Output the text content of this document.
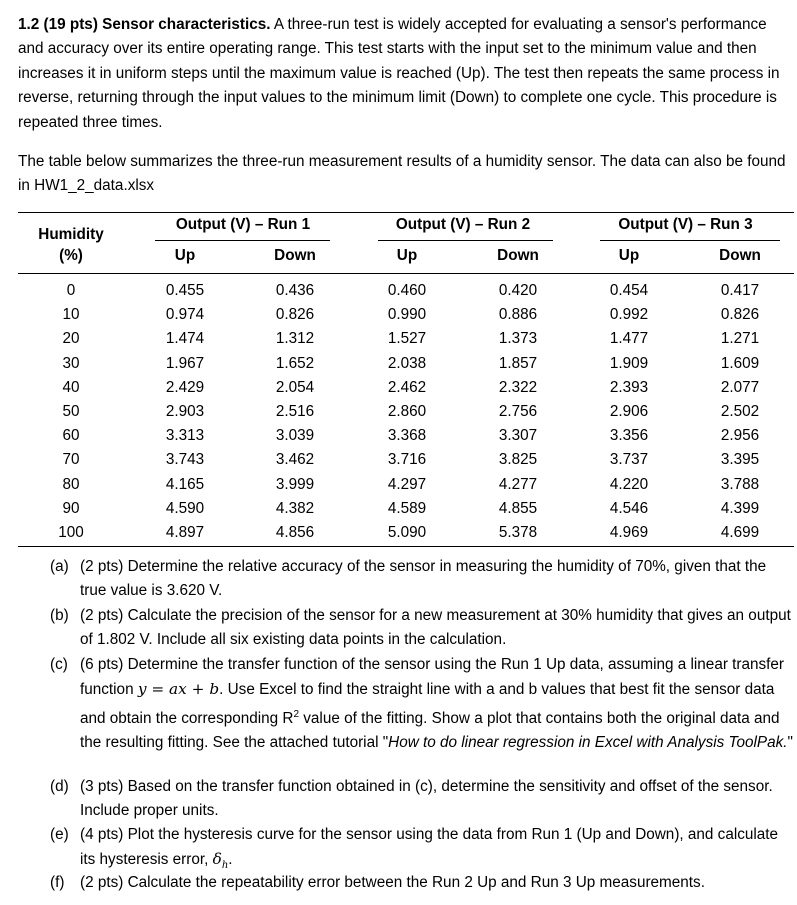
1.2 (19 pts) Sensor characteristics. A three-run test is widely accepted for evaluating a sensor's performance and accuracy over its entire operating range. This test starts with the input set to the minimum value and then increases it in uniform steps until the maximum value is reached (Up). The test then repeats the same process in reverse, returning through the input values to the minimum limit (Down) to complete one cycle. This procedure is repeated three times.

The table below summarizes the three-run measurement results of a humidity sensor. The data can also be found in HW1_2_data.xlsx

Humidity
(%)
Output (V) – Run 1	Output (V) – Run 2	Output (V) – Run 3
Up	Down	Up	Down	Up	Down
0	0.455	0.436	0.460	0.420	0.454	0.417
10	0.974	0.826	0.990	0.886	0.992	0.826
20	1.474	1.312	1.527	1.373	1.477	1.271
30	1.967	1.652	2.038	1.857	1.909	1.609
40	2.429	2.054	2.462	2.322	2.393	2.077
50	2.903	2.516	2.860	2.756	2.906	2.502
60	3.313	3.039	3.368	3.307	3.356	2.956
70	3.743	3.462	3.716	3.825	3.737	3.395
80	4.165	3.999	4.297	4.277	4.220	3.788
90	4.590	4.382	4.589	4.855	4.546	4.399
100	4.897	4.856	5.090	5.378	4.969	4.699
(a) (2 pts) Determine the relative accuracy of the sensor in measuring the humidity of 70%, given that the true value is 3.620 V.
(b) (2 pts) Calculate the precision of the sensor for a new measurement at 30% humidity that gives an output of 1.802 V. Include all six existing data points in the calculation.
(c) (6 pts) Determine the transfer function of the sensor using the Run 1 Up data, assuming a linear transfer function y = ax + b. Use Excel to find the straight line with a and b values that best fit the sensor data and obtain the corresponding $R^2$ value of the fitting. Show a plot that contains both the original data and the resulting fitting. See the attached tutorial "How to do linear regression in Excel with Analysis ToolPak."
(d) (3 pts) Based on the transfer function obtained in (c), determine the sensitivity and offset of the sensor. Include proper units.
(e) (4 pts) Plot the hysteresis curve for the sensor using the data from Run 1 (Up and Down), and calculate its hysteresis error, $\delta_h$.
(f) (2 pts) Calculate the repeatability error between the Run 2 Up and Run 3 Up measurements.
